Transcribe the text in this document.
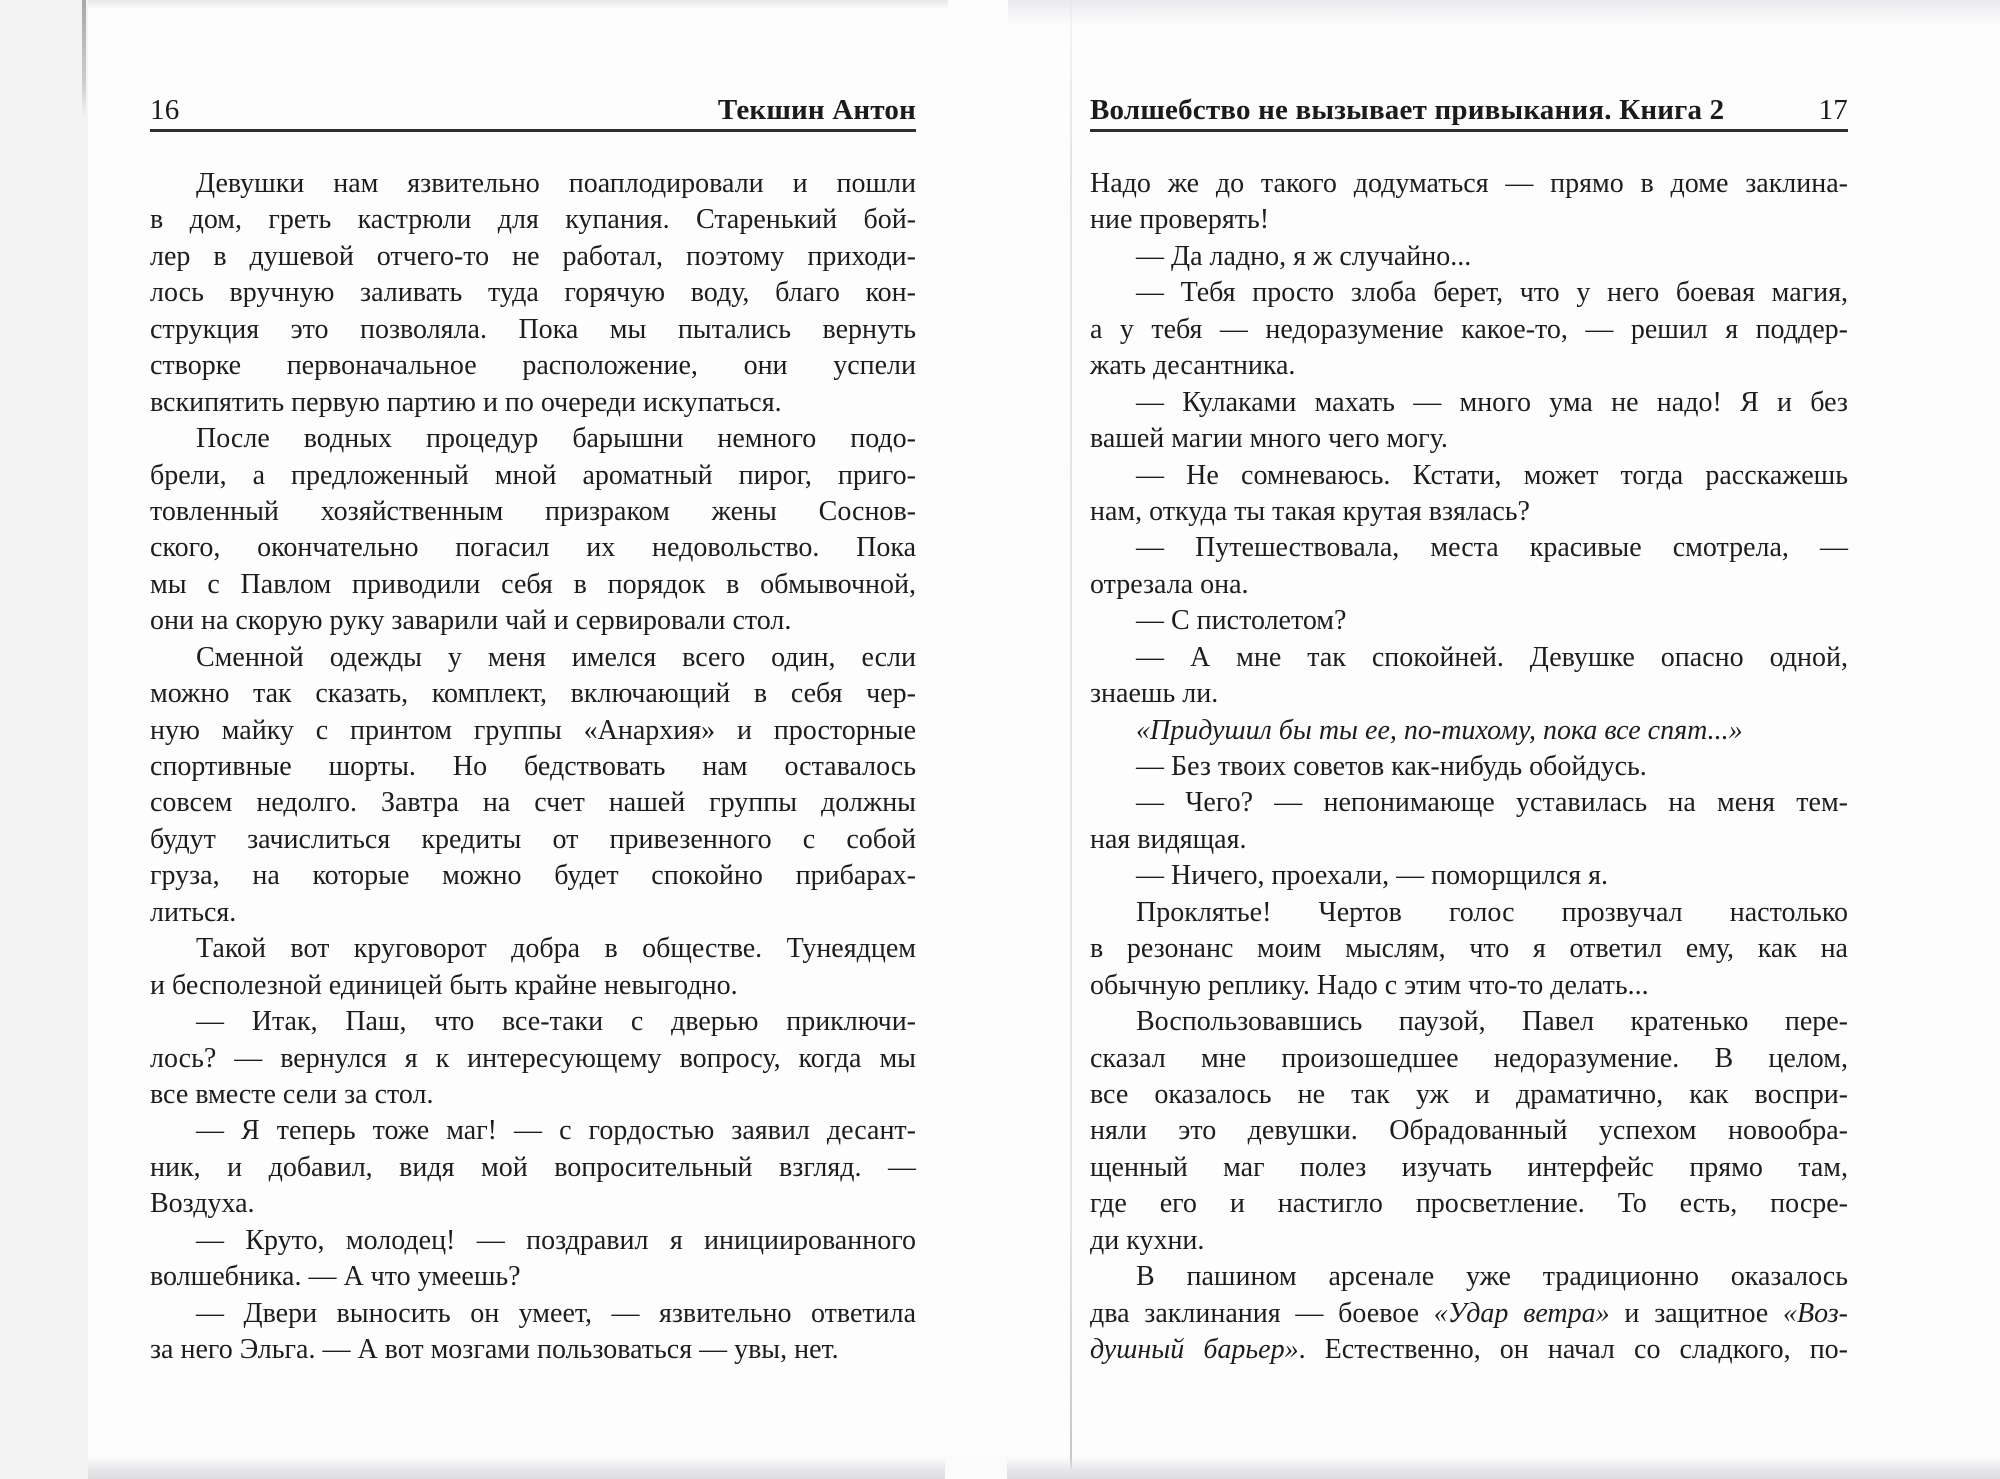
16	Текшин Антон
Девушки нам язвительно поаплодировали и пошли
в дом, греть кастрюли для купания. Старенький бой-
лер в душевой отчего-то не работал, поэтому приходи-
лось вручную заливать туда горячую воду, благо кон-
струкция это позволяла. Пока мы пытались вернуть
створке первоначальное расположение, они успели
вскипятить первую партию и по очереди искупаться.
После водных процедур барышни немного подо-
брели, а предложенный мной ароматный пирог, приго-
товленный хозяйственным призраком жены Соснов-
ского, окончательно погасил их недовольство. Пока
мы с Павлом приводили себя в порядок в обмывочной,
они на скорую руку заварили чай и сервировали стол.
Сменной одежды у меня имелся всего один, если
можно так сказать, комплект, включающий в себя чер-
ную майку с принтом группы «Анархия» и просторные
спортивные шорты. Но бедствовать нам оставалось
совсем недолго. Завтра на счет нашей группы должны
будут зачислиться кредиты от привезенного с собой
груза, на которые можно будет спокойно прибарах-
литься.
Такой вот круговорот добра в обществе. Тунеядцем
и бесполезной единицей быть крайне невыгодно.
— Итак, Паш, что все-таки с дверью приключи-
лось? — вернулся я к интересующему вопросу, когда мы
все вместе сели за стол.
— Я теперь тоже маг! — с гордостью заявил десант-
ник, и добавил, видя мой вопросительный взгляд. —
Воздуха.
— Круто, молодец! — поздравил я инициированного
волшебника. — А что умеешь?
— Двери выносить он умеет, — язвительно ответила
за него Эльга. — А вот мозгами пользоваться — увы, нет.
Волшебство не вызывает привыкания. Книга 2	17
Надо же до такого додуматься — прямо в доме заклина-
ние проверять!
— Да ладно, я ж случайно...
— Тебя просто злоба берет, что у него боевая магия,
а у тебя — недоразумение какое-то, — решил я поддер-
жать десантника.
— Кулаками махать — много ума не надо! Я и без
вашей магии много чего могу.
— Не сомневаюсь. Кстати, может тогда расскажешь
нам, откуда ты такая крутая взялась?
— Путешествовала, места красивые смотрела, —
отрезала она.
— С пистолетом?
— А мне так спокойней. Девушке опасно одной,
знаешь ли.
«Придушил бы ты ее, по-тихому, пока все спят...»
— Без твоих советов как-нибудь обойдусь.
— Чего? — непонимающе уставилась на меня тем-
ная видящая.
— Ничего, проехали, — поморщился я.
Проклятье! Чертов голос прозвучал настолько
в резонанс моим мыслям, что я ответил ему, как на
обычную реплику. Надо с этим что-то делать...
Воспользовавшись паузой, Павел кратенько пере-
сказал мне произошедшее недоразумение. В целом,
все оказалось не так уж и драматично, как воспри-
няли это девушки. Обрадованный успехом новообра-
щенный маг полез изучать интерфейс прямо там,
где его и настигло просветление. То есть, посре-
ди кухни.
В пашином арсенале уже традиционно оказалось
два заклинания — боевое «Удар ветра» и защитное «Воз-
душный барьер». Естественно, он начал со сладкого, по-
